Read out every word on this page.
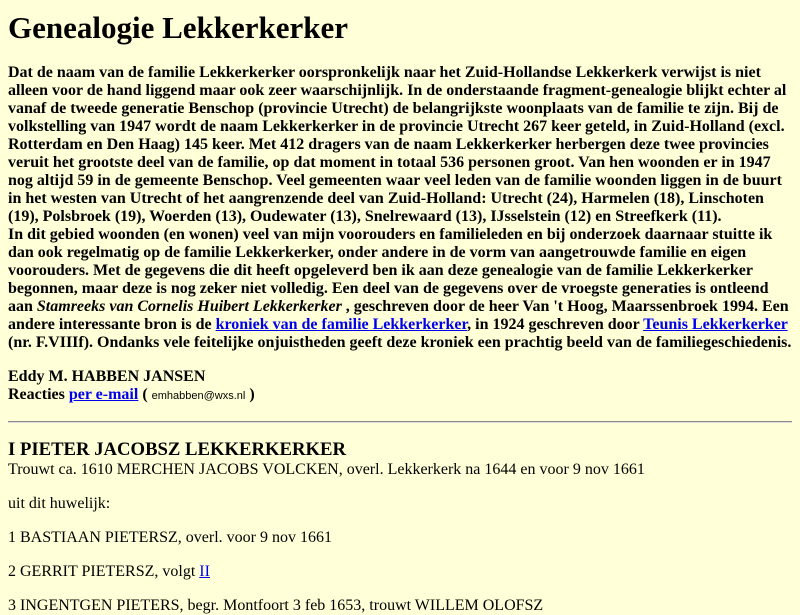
Genealogie Lekkerkerker

Dat de naam van de familie Lekkerkerker oorspronkelijk naar het Zuid-Hollandse Lekkerkerk verwijst is niet alleen voor de hand liggend maar ook zeer waarschijnlijk. In de onderstaande fragment-genealogie blijkt echter al vanaf de tweede generatie Benschop (provincie Utrecht) de belangrijkste woonplaats van de familie te zijn. Bij de volkstelling van 1947 wordt de naam Lekkerkerker in de provincie Utrecht 267 keer geteld, in Zuid-Holland (excl. Rotterdam en Den Haag) 145 keer. Met 412 dragers van de naam Lekkerkerker herbergen deze twee provincies veruit het grootste deel van de familie, op dat moment in totaal 536 personen groot. Van hen woonden er in 1947 nog altijd 59 in de gemeente Benschop. Veel gemeenten waar veel leden van de familie woonden liggen in de buurt in het westen van Utrecht of het aangrenzende deel van Zuid-Holland: Utrecht (24), Harmelen (18), Linschoten (19), Polsbroek (19), Woerden (13), Oudewater (13), Snelrewaard (13), IJsselstein (12) en Streefkerk (11).
In dit gebied woonden (en wonen) veel van mijn voorouders en familieleden en bij onderzoek daarnaar stuitte ik dan ook regelmatig op de familie Lekkerkerker, onder andere in de vorm van aangetrouwde familie en eigen voorouders. Met de gegevens die dit heeft opgeleverd ben ik aan deze genealogie van de familie Lekkerkerker begonnen, maar deze is nog zeker niet volledig. Een deel van de gegevens over de vroegste generaties is ontleend aan Stamreeks van Cornelis Huibert Lekkerkerker , geschreven door de heer Van 't Hoog, Maarssenbroek 1994. Een andere interessante bron is de kroniek van de familie Lekkerkerker, in 1924 geschreven door Teunis Lekkerkerker (nr. F.VIIIf). Ondanks vele feitelijke onjuistheden geeft deze kroniek een prachtig beeld van de familiegeschiedenis.

Eddy M. HABBEN JANSEN
Reacties per e-mail ( emhabben@wxs.nl )
I PIETER JACOBSZ LEKKERKERKER

Trouwt ca. 1610 MERCHEN JACOBS VOLCKEN, overl. Lekkerkerk na 1644 en voor 9 nov 1661

uit dit huwelijk:

1 BASTIAAN PIETERSZ, overl. voor 9 nov 1661

2 GERRIT PIETERSZ, volgt II

3 INGENTGEN PIETERS, begr. Montfoort 3 feb 1653, trouwt WILLEM OLOFSZ
